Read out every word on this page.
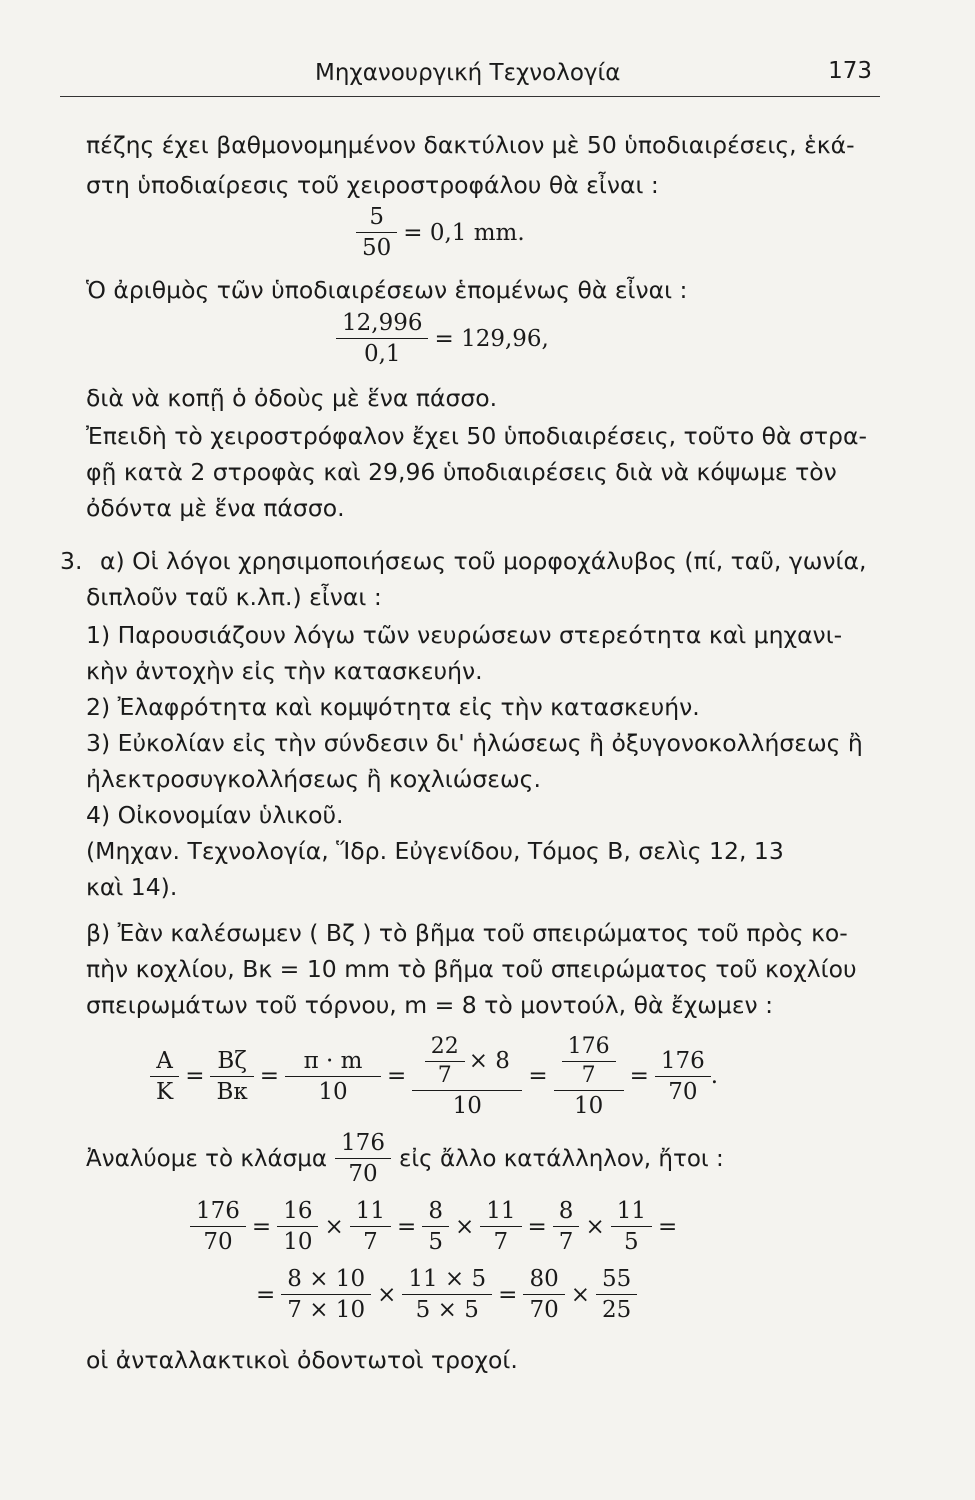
Μηχανουργική Τεχνολογία	173
πέζης έχει βαθμονομημένον δακτύλιον μὲ 50 ὑποδιαιρέσεις, ἑκά-
στη ὑποδιαίρεσις τοῦ χειροστροφάλου θὰ εἶναι :
$\frac{5}{50} = 0,1$ mm.
Ὁ ἀριθμὸς τῶν ὑποδιαιρέσεων ἑπομένως θὰ εἶναι :
$\frac{12,996}{0,1} = 129,96$,
διὰ νὰ κοπῇ ὁ ὀδοὺς μὲ ἕνα πάσσο.
Ἐπειδὴ τὸ χειροστρόφαλον ἔχει 50 ὑποδιαιρέσεις, τοῦτο θὰ στρα-
φῇ κατὰ 2 στροφὰς καὶ 29,96 ὑποδιαιρέσεις διὰ νὰ κόψωμε τὸν
ὀδόντα μὲ ἕνα πάσσο.
3. α) Οἱ λόγοι χρησιμοποιήσεως τοῦ μορφοχάλυβος (πί, ταῦ, γωνία,
διπλοῦν ταῦ κ.λπ.) εἶναι :
1) Παρουσιάζουν λόγω τῶν νευρώσεων στερεότητα καὶ μηχανι-
κὴν ἀντοχὴν εἰς τὴν κατασκευήν.
2) Ἐλαφρότητα καὶ κομψότητα εἰς τὴν κατασκευήν.
3) Εὐκολίαν εἰς τὴν σύνδεσιν δι' ἡλώσεως ἢ ὀξυγονοκολλήσεως ἢ
ἠλεκτροσυγκολλήσεως ἢ κοχλιώσεως.
4) Οἰκονομίαν ὑλικοῦ.
(Μηχαν. Τεχνολογία, Ἵδρ. Εὐγενίδου, Τόμος Β, σελὶς 12, 13
καὶ 14).
β) Ἐὰν καλέσωμεν ( Bζ ) τὸ βῆμα τοῦ σπειρώματος τοῦ πρὸς κο-
πὴν κοχλίου, Bκ = 10 mm τὸ βῆμα τοῦ σπειρώματος τοῦ κοχλίου
σπειρωμάτων τοῦ τόρνου, m = 8 τὸ μοντούλ, θὰ ἔχωμεν :
$\frac{A}{K} = \frac{B\zeta}{B\kappa} = \frac{\pi \cdot m}{10} = \frac{\frac{22}{7} \times 8}{10} = \frac{\frac{176}{7}}{10} = \frac{176}{70}$ .
Ἀναλύομε τὸ κλάσμα $\frac{176}{70}$ εἰς ἄλλο κατάλληλον, ἤτοι :
$\frac{176}{70} = \frac{16}{10} \times \frac{11}{7} = \frac{8}{5} \times \frac{11}{7} = \frac{8}{7} \times \frac{11}{5}$ =
= $\frac{8 \times 10}{7 \times 10} \times \frac{11 \times 5}{5 \times 5} = \frac{80}{70} \times \frac{55}{25}$
οἱ ἀνταλλακτικοὶ ὀδοντωτοὶ τροχοί.
